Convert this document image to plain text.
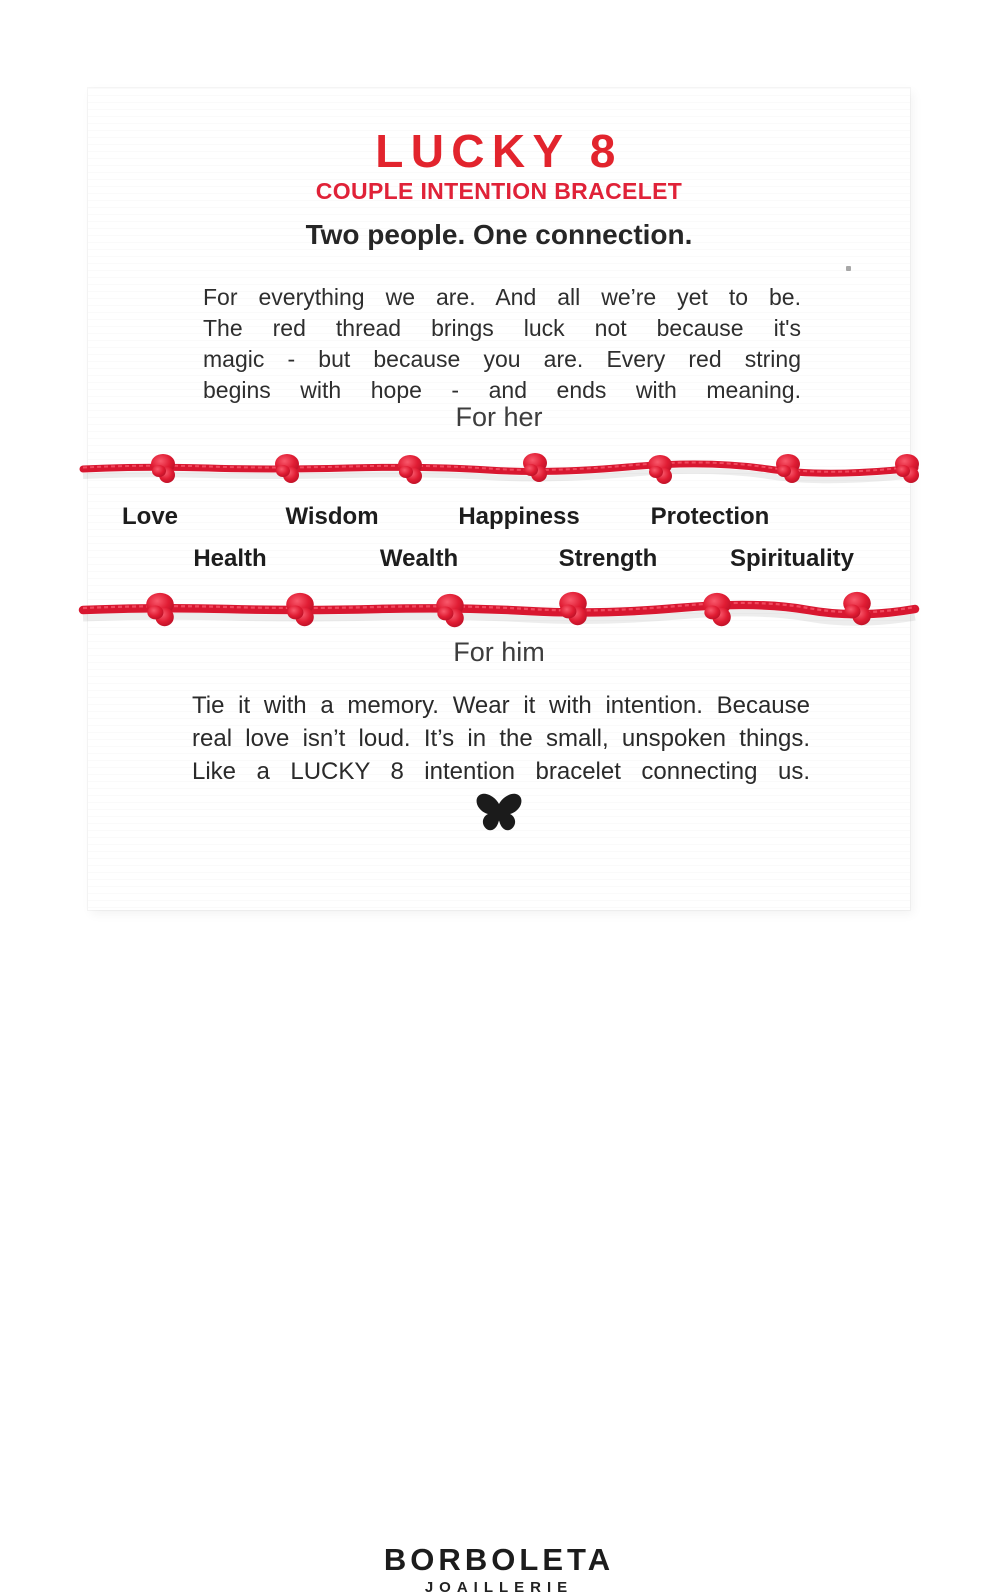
LUCKY 8
COUPLE INTENTION BRACELET
Two people. One connection.
For everything we are. And all we’re yet to be.
The red thread brings luck not because it's
magic - but because you are. Every red string
begins with hope - and ends with meaning.
For her
Love	Wisdom	Happiness	Protection
Health	Wealth	Strength	Spirituality
For him
Tie it with a memory. Wear it with intention. Because
real love isn’t loud. It’s in the small, unspoken things.
Like a LUCKY 8 intention bracelet connecting us.
BORBOLETA
JOAILLERIE
